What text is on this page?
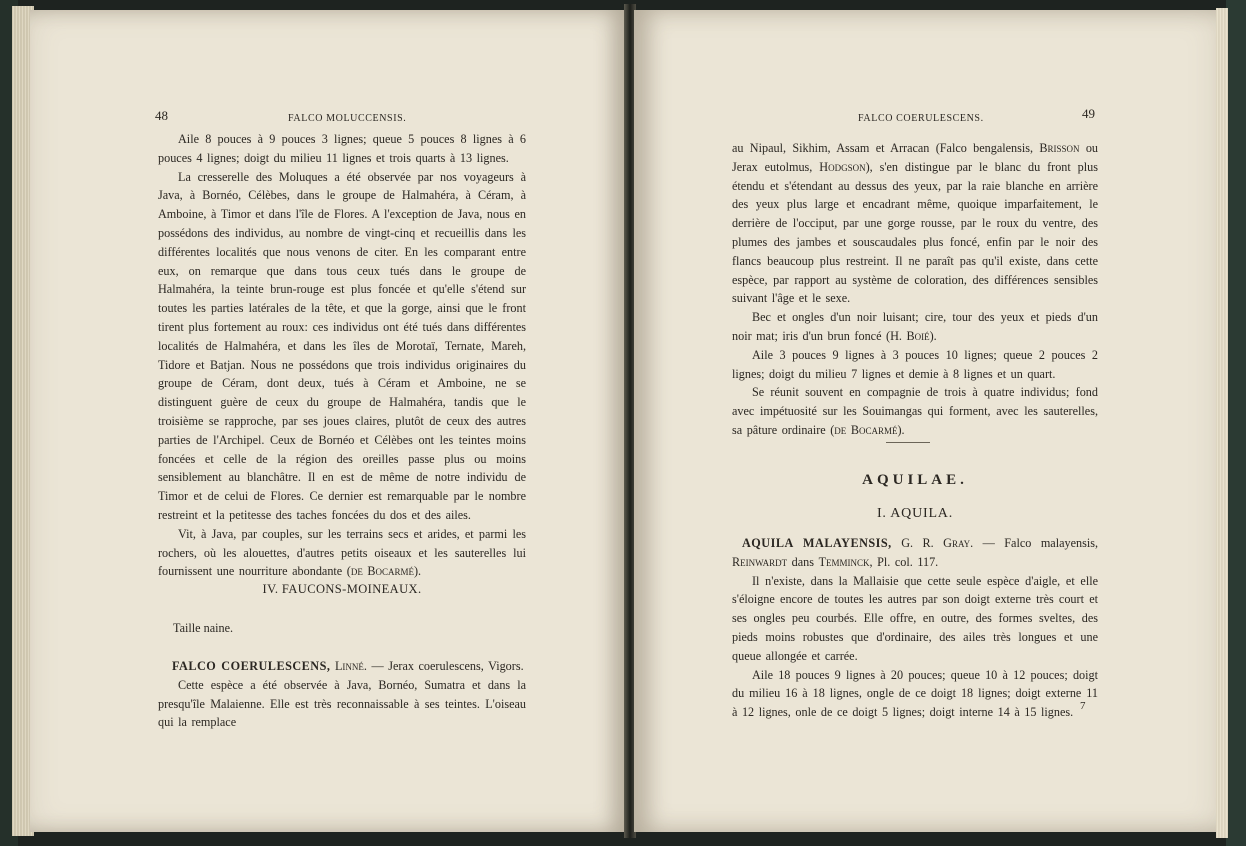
48	FALCO MOLUCCENSIS.

Aile 8 pouces à 9 pouces 3 lignes; queue 5 pouces 8 lignes à 6 pouces 4 lignes; doigt du milieu 11 lignes et trois quarts à 13 lignes.

La cresserelle des Moluques a été observée par nos voyageurs à Java, à Bornéo, Célèbes, dans le groupe de Halmahéra, à Céram, à Amboine, à Timor et dans l'île de Flores. A l'exception de Java, nous en possédons des individus, au nombre de vingt-cinq et recueillis dans les différentes localités que nous venons de citer. En les comparant entre eux, on remarque que dans tous ceux tués dans le groupe de Halmahéra, la teinte brun-rouge est plus foncée et qu'elle s'étend sur toutes les parties latérales de la tête, et que la gorge, ainsi que le front tirent plus fortement au roux: ces individus ont été tués dans différentes localités de Halmahéra, et dans les îles de Morotaï, Ternate, Mareh, Tidore et Batjan. Nous ne possédons que trois individus originaires du groupe de Céram, dont deux, tués à Céram et Amboine, ne se distinguent guère de ceux du groupe de Halmahéra, tandis que le troisième se rapproche, par ses joues claires, plutôt de ceux des autres parties de l'Archipel. Ceux de Bornéo et Célèbes ont les teintes moins foncées et celle de la région des oreilles passe plus ou moins sensiblement au blanchâtre. Il en est de même de notre individu de Timor et de celui de Flores. Ce dernier est remarquable par le nombre restreint et la petitesse des taches foncées du dos et des ailes.

Vit, à Java, par couples, sur les terrains secs et arides, et parmi les rochers, où les alouettes, d'autres petits oiseaux et les sauterelles lui fournissent une nourriture abondante (de Bocarmé).

IV. FAUCONS-MOINEAUX.
Taille naine.

FALCO COERULESCENS, Linné. — Jerax coerulescens, Vigors.

Cette espèce a été observée à Java, Bornéo, Sumatra et dans la presqu'île Malaienne. Elle est très reconnaissable à ses teintes. L'oiseau qui la remplace

FALCO COERULESCENS.	49

au Nipaul, Sikhim, Assam et Arracan (Falco bengalensis, Brisson ou Jerax eutolmus, Hodgson), s'en distingue par le blanc du front plus étendu et s'étendant au dessus des yeux, par la raie blanche en arrière des yeux plus large et encadrant même, quoique imparfaitement, le derrière de l'occiput, par une gorge rousse, par le roux du ventre, des plumes des jambes et souscaudales plus foncé, enfin par le noir des flancs beaucoup plus restreint. Il ne paraît pas qu'il existe, dans cette espèce, par rapport au système de coloration, des différences sensibles suivant l'âge et le sexe.

Bec et ongles d'un noir luisant; cire, tour des yeux et pieds d'un noir mat; iris d'un brun foncé (H. Boié).

Aile 3 pouces 9 lignes à 3 pouces 10 lignes; queue 2 pouces 2 lignes; doigt du milieu 7 lignes et demie à 8 lignes et un quart.

Se réunit souvent en compagnie de trois à quatre individus; fond avec impétuosité sur les Souimangas qui forment, avec les sauterelles, sa pâture ordinaire (de Bocarmé).

AQUILAE.
I. AQUILA.

AQUILA MALAYENSIS, G. R. Gray. — Falco malayensis, Reinwardt dans Temminck, Pl. col. 117.

Il n'existe, dans la Mallaisie que cette seule espèce d'aigle, et elle s'éloigne encore de toutes les autres par son doigt externe très court et ses ongles peu courbés. Elle offre, en outre, des formes sveltes, des pieds moins robustes que d'ordinaire, des ailes très longues et une queue allongée et carrée.

Aile 18 pouces 9 lignes à 20 pouces; queue 10 à 12 pouces; doigt du milieu 16 à 18 lignes, ongle de ce doigt 18 lignes; doigt externe 11 à 12 lignes, onle de ce doigt 5 lignes; doigt interne 14 à 15 lignes. 7
